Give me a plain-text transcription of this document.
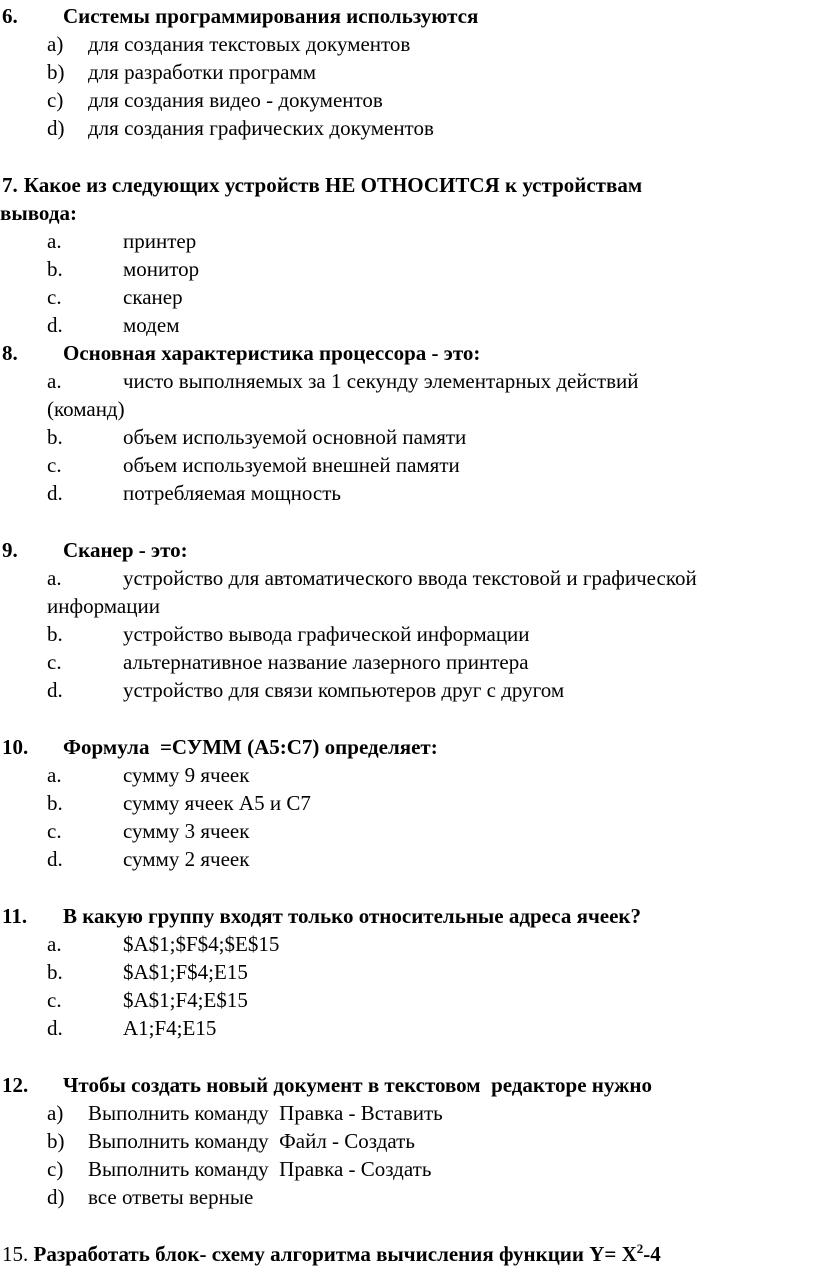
6. Системы программирования используются
a) для создания текстовых документов
b) для разработки программ
c) для создания видео - документов
d) для создания графических документов
7. Какое из следующих устройств НЕ ОТНОСИТСЯ к устройствам
вывода:
a.	принтер
b.	монитор
c.	сканер
d.	модем
8. Основная характеристика процессора - это:
a.	чисто выполняемых за 1 секунду элементарных действий
(команд)
b.	объем используемой основной памяти
c.	объем используемой внешней памяти
d.	потребляемая мощность
9. Сканер - это:
a.	устройство для автоматического ввода текстовой и графической
информации
b.	устройство вывода графической информации
c.	альтернативное название лазерного принтера
d.	устройство для связи компьютеров друг с другом
10. Формула  =СУММ (А5:С7) определяет:
a.	сумму 9 ячеек
b.	сумму ячеек А5 и С7
c.	сумму 3 ячеек
d.	сумму 2 ячеек
11. В какую группу входят только относительные адреса ячеек?
a.	$A$1;$F$4;$E$15
b.	$A$1;F$4;E15
c.	$A$1;F4;E$15
d.	A1;F4;E15
12. Чтобы создать новый документ в текстовом  редакторе нужно
a) Выполнить команду  Правка - Вставить
b) Выполнить команду  Файл - Создать
c) Выполнить команду  Правка - Создать
d) все ответы верные
15. Разработать блок- схему алгоритма вычисления функции $Y= X^2-4$
